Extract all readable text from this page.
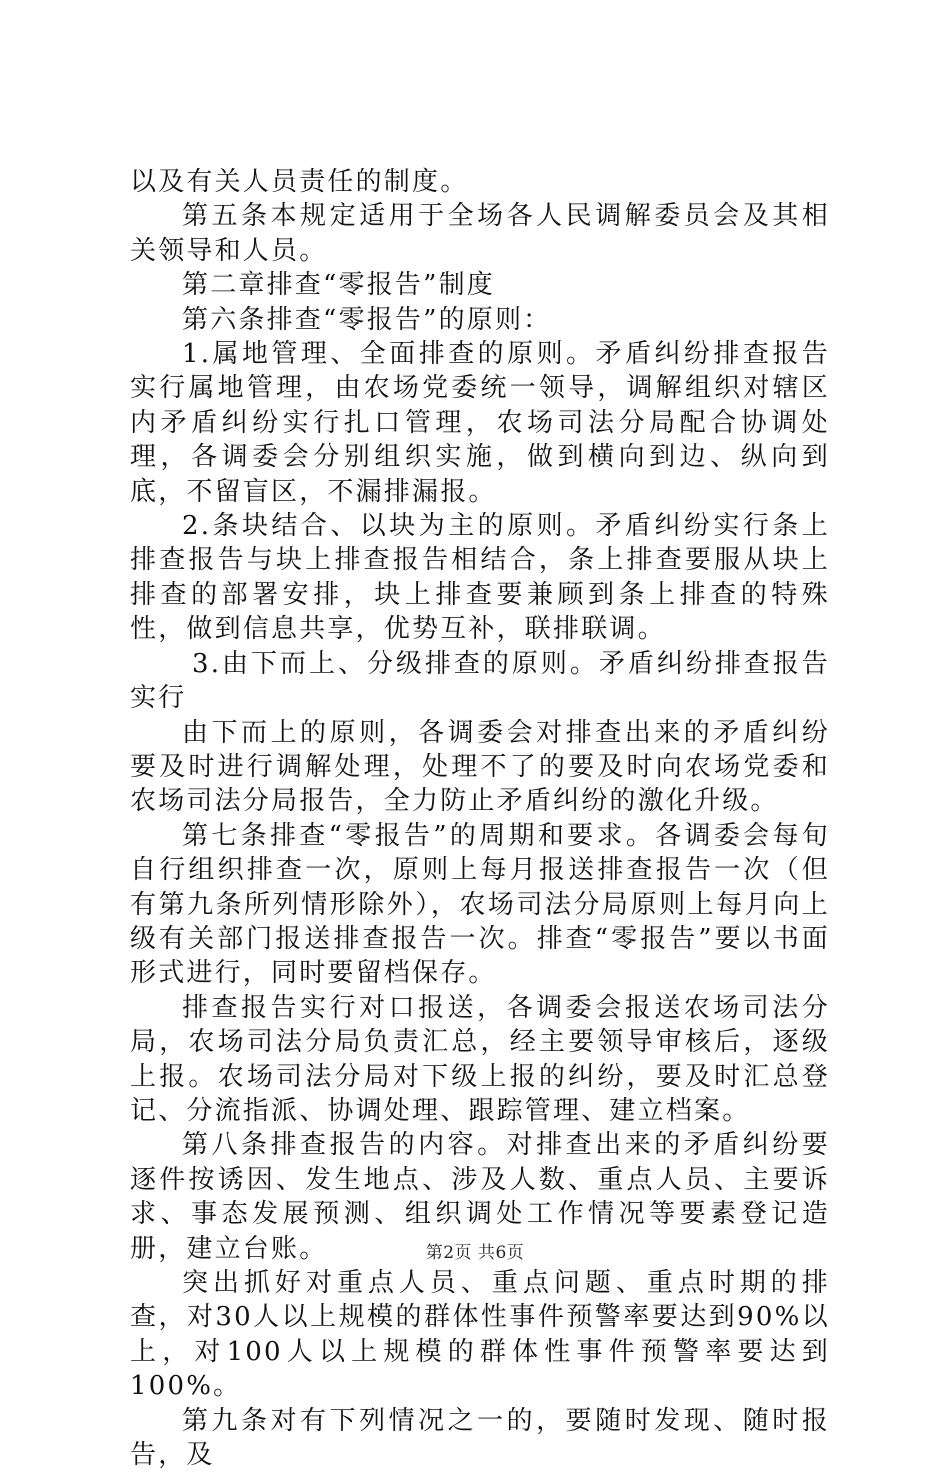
以及有关人员责任的制度。

第五条本规定适用于全场各人民调解委员会及其相关领导和人员。

第二章排查“零报告”制度

第六条排查“零报告”的原则：

1.属地管理、全面排查的原则。矛盾纠纷排查报告实行属地管理，由农场党委统一领导，调解组织对辖区内矛盾纠纷实行扎口管理，农场司法分局配合协调处理，各调委会分别组织实施，做到横向到边、纵向到底，不留盲区，不漏排漏报。

2.条块结合、以块为主的原则。矛盾纠纷实行条上排查报告与块上排查报告相结合，条上排查要服从块上排查的部署安排，块上排查要兼顾到条上排查的特殊性，做到信息共享，优势互补，联排联调。

3.由下而上、分级排查的原则。矛盾纠纷排查报告实行

由下而上的原则，各调委会对排查出来的矛盾纠纷要及时进行调解处理，处理不了的要及时向农场党委和农场司法分局报告，全力防止矛盾纠纷的激化升级。

第七条排查“零报告”的周期和要求。各调委会每旬自行组织排查一次，原则上每月报送排查报告一次（但有第九条所列情形除外），农场司法分局原则上每月向上级有关部门报送排查报告一次。排查“零报告”要以书面形式进行，同时要留档保存。

排查报告实行对口报送，各调委会报送农场司法分局，农场司法分局负责汇总，经主要领导审核后，逐级上报。农场司法分局对下级上报的纠纷，要及时汇总登记、分流指派、协调处理、跟踪管理、建立档案。

第八条排查报告的内容。对排查出来的矛盾纠纷要逐件按诱因、发生地点、涉及人数、重点人员、主要诉求、事态发展预测、组织调处工作情况等要素登记造册，建立台账。

突出抓好对重点人员、重点问题、重点时期的排查，对30人以上规模的群体性事件预警率要达到90%以上，对100人以上规模的群体性事件预警率要达到100%。

第九条对有下列情况之一的，要随时发现、随时报告，及

第2页 共6页
